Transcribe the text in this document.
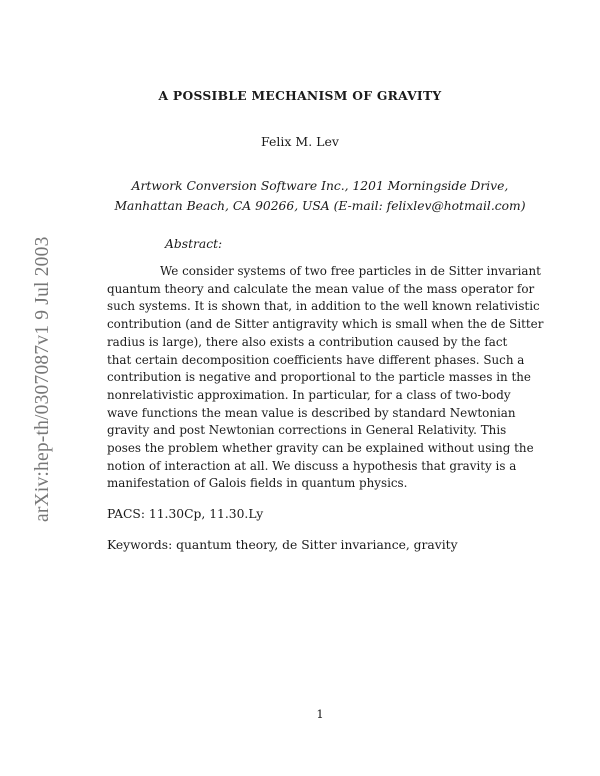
arXiv:hep-th/0307087v1 9 Jul 2003
A POSSIBLE MECHANISM OF GRAVITY
Felix M. Lev
Artwork Conversion Software Inc., 1201 Morningside Drive,
Manhattan Beach, CA 90266, USA (E-mail: felixlev@hotmail.com)
Abstract:
We consider systems of two free particles in de Sitter invariant
quantum theory and calculate the mean value of the mass operator for
such systems. It is shown that, in addition to the well known relativistic
contribution (and de Sitter antigravity which is small when the de Sitter
radius is large), there also exists a contribution caused by the fact
that certain decomposition coefficients have different phases. Such a
contribution is negative and proportional to the particle masses in the
nonrelativistic approximation. In particular, for a class of two-body
wave functions the mean value is described by standard Newtonian
gravity and post Newtonian corrections in General Relativity. This
poses the problem whether gravity can be explained without using the
notion of interaction at all. We discuss a hypothesis that gravity is a
manifestation of Galois fields in quantum physics.
PACS: 11.30Cp, 11.30.Ly
Keywords: quantum theory, de Sitter invariance, gravity
1
